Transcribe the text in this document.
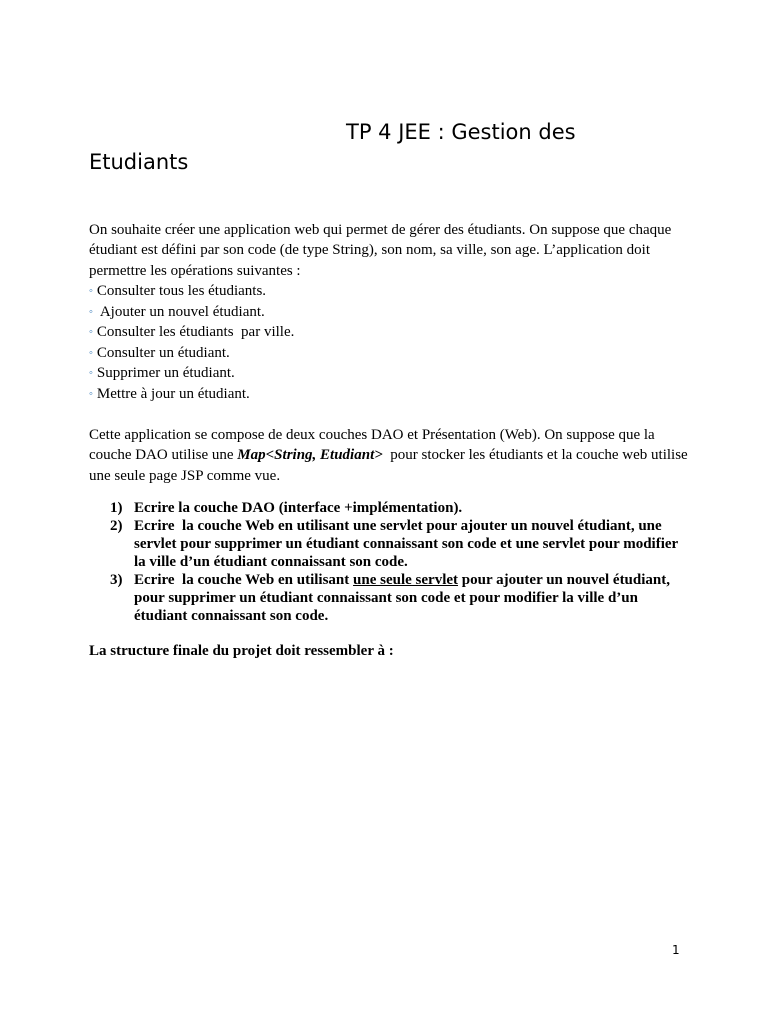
TP 4 JEE : Gestion des
Etudiants
On souhaite créer une application web qui permet de gérer des étudiants. On suppose que chaque étudiant est défini par son code (de type String), son nom, sa ville, son age. L’application doit permettre les opérations suivantes :
◦ Consulter tous les étudiants.
◦ Ajouter un nouvel étudiant.
◦ Consulter les étudiants  par ville.
◦ Consulter un étudiant.
◦ Supprimer un étudiant.
◦ Mettre à jour un étudiant.
Cette application se compose de deux couches DAO et Présentation (Web). On suppose que la couche DAO utilise une Map<String, Etudiant>  pour stocker les étudiants et la couche web utilise une seule page JSP comme vue.
1) Ecrire la couche DAO (interface +implémentation).
2) Ecrire  la couche Web en utilisant une servlet pour ajouter un nouvel étudiant, une servlet pour supprimer un étudiant connaissant son code et une servlet pour modifier la ville d’un étudiant connaissant son code.
3) Ecrire  la couche Web en utilisant une seule servlet pour ajouter un nouvel étudiant, pour supprimer un étudiant connaissant son code et pour modifier la ville d’un étudiant connaissant son code.
La structure finale du projet doit ressembler à :
1
